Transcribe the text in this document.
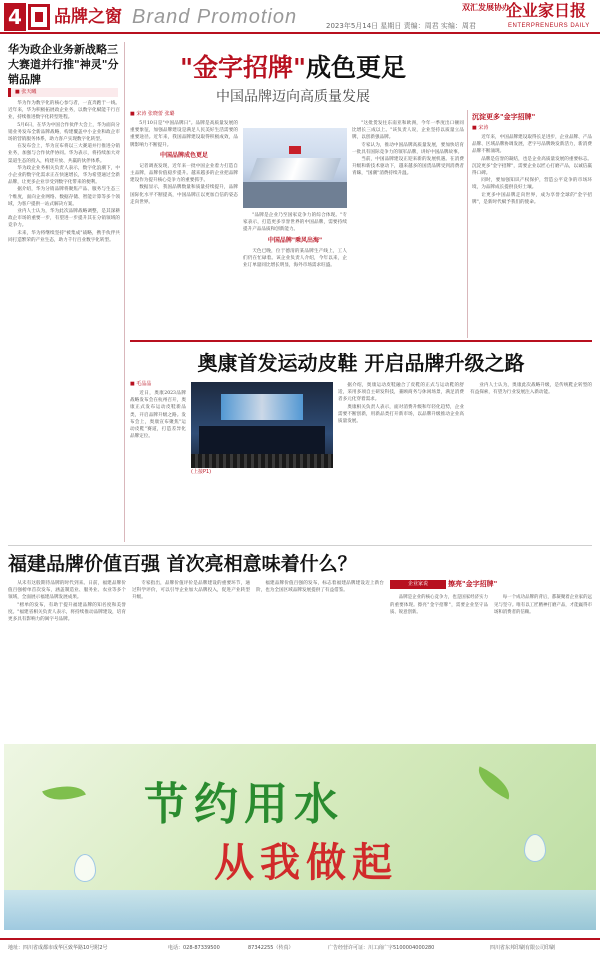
4 品牌之窗 Brand Promotion	2023年5月14日 星期日 责编：周君 实编：周君
双汇发展协办
企业家日报
ENTERPRENEURS DAILY
华为政企业务新战略三大赛道并行推"神灵"分销品牌
■ 张天曦

华为作为数字化的核心参与者，一直奔跑于一线。近年来，华为积极拓展政企业务，以数字化赋能千行百业，持续推进数字化转型进程。

5月6日，在华为中国合作伙伴大会上，华为面向分销业务发布全新品牌战略，构建覆盖中小企业和政企市场的营销服务体系，助力客户实现数字化转型。

在发布会上，华为宣布将以三大赛道并行推进分销业务，加强与合作伙伴协同。华为表示，将持续加大对渠道生态的投入，构建开放、共赢的伙伴体系。

华为政企业务相关负责人表示，数字化浪潮下，中小企业的数字化需求正在快速增长，华为希望通过全新品牌，让更多企业享受到数字化带来的便利。

据介绍，华为分销品牌将聚焦产品、服务与生态三个维度，面向企业网络、数据存储、智能计算等多个领域，为客户提供一站式解决方案。

业内人士认为，华为此次品牌战略调整，是其深耕政企市场的重要一步，有望进一步提升其在分销领域的竞争力。

未来，华为将继续坚持"被集成"战略，携手伙伴共同打造繁荣的产业生态，助力千行百业数字化转型。

"金字招牌"成色更足
中国品牌迈向高质量发展
■ 宋涛 张晓蕾 张璐

5月10日是"中国品牌日"。品牌是高质量发展的重要象征，加强品牌建设是满足人民美好生活需要的重要途径。近年来，我国品牌建设取得积极成效，品牌影响力不断提升。

中国品牌成色更足

记者调查发现，近年来一批中国企业着力打造自主品牌，品牌价值稳步提升。越来越多的企业把品牌建设作为提升核心竞争力的重要抓手。

数据显示，我国品牌数量和质量持续提升，品牌国际化水平不断提高，中国品牌正以更加自信的姿态走向世界。

"品牌是企业乃至国家竞争力的综合体现。"专家表示，打造更多享誉世界的中国品牌，需要持续提升产品品质和创新能力。

中国品牌"乘风出海"

天色已晚，位于德清的某品牌生产线上，工人们仍在忙碌着。该企业负责人介绍，今年以来，企业订单量同比增长明显，海外市场需求旺盛。

"这批货发往东南亚和欧洲，今年一季度出口额同比增长三成以上。"该负责人说，企业坚持以质量立品牌，以创新强品牌。

专家认为，推动中国品牌高质量发展，要加快培育一批具有国际竞争力的领军品牌，讲好中国品牌故事。

当前，中国品牌建设正迎来新的发展机遇。在消费升级和新技术驱动下，越来越多的国货品牌受到消费者青睐，"国潮"消费持续升温。

沉淀更多"金字招牌"
■ 宋涛

近年来，中国品牌建设取得长足进步，企业品牌、产品品牌、区域品牌协调发展，老字号品牌焕发新活力，新消费品牌不断涌现。

品牌是信誉的凝结，也是企业高质量发展的重要标志。沉淀更多"金字招牌"，需要企业以匠心打磨产品，以诚信赢得口碑。

同时，要加强知识产权保护，营造公平竞争的市场环境，为品牌成长提供良好土壤。

让更多中国品牌走向世界，成为享誉全球的"金字招牌"，是新时代赋予我们的使命。

奥康首发运动皮鞋 开启品牌升级之路
■ 毛晶晶

近日，奥康2023品牌战略发布会在杭州召开，奥康正式发布运动皮鞋新品类，开启品牌升级之路。发布会上，奥康宣布聚焦"运动皮鞋"赛道，打造差异化品牌定位。

(上接P1)

据介绍，奥康运动皮鞋融合了皮鞋的正式与运动鞋的舒适，采用多项自主研发科技，兼顾商务与休闲场景，满足消费者多元化穿着需求。

奥康相关负责人表示，面对消费升级和年轻化趋势，企业需要不断创新，用新品类打开新市场，以品牌升级推动企业高质量发展。

业内人士认为，奥康此次战略升级，是传统鞋企转型的有益探索，有望为行业发展注入新动能。

福建品牌价值百强 首次亮相意味着什么？

从未有这般期待品牌的时代到来。日前，福建品牌价值百强榜单首次发布，涵盖制造业、服务业、农业等多个领域，全面展示福建品牌发展成果。

"榜单的发布，有助于提升福建品牌的知名度和美誉度。"福建省相关负责人表示，将持续推动品牌建设，培育更多具有影响力的闽字号品牌。

专家指出，品牌价值评价是品牌建设的重要环节，通过科学评价，可以引导企业加大品牌投入，促进产业转型升级。

福建品牌价值百强的发布，标志着福建品牌建设迈上新台阶，也为全国区域品牌发展提供了有益借鉴。

企业家说	擦亮"金字招牌"

品牌是企业的核心竞争力，也是国家经济实力的重要体现。擦亮"金字招牌"，需要企业坚守品质、锐意创新。

每一个成功品牌的背后，都凝聚着企业家的远见与坚守。唯有以工匠精神打磨产品，才能赢得市场和消费者的信赖。

节约用水
从我做起
地址：四川省成都市成华区致华路10号附2号	电话：028-87339500	87342255（传真）	广告经营许可证：川工商广字5100004000280	四川省东邦印刷有限公司印刷
